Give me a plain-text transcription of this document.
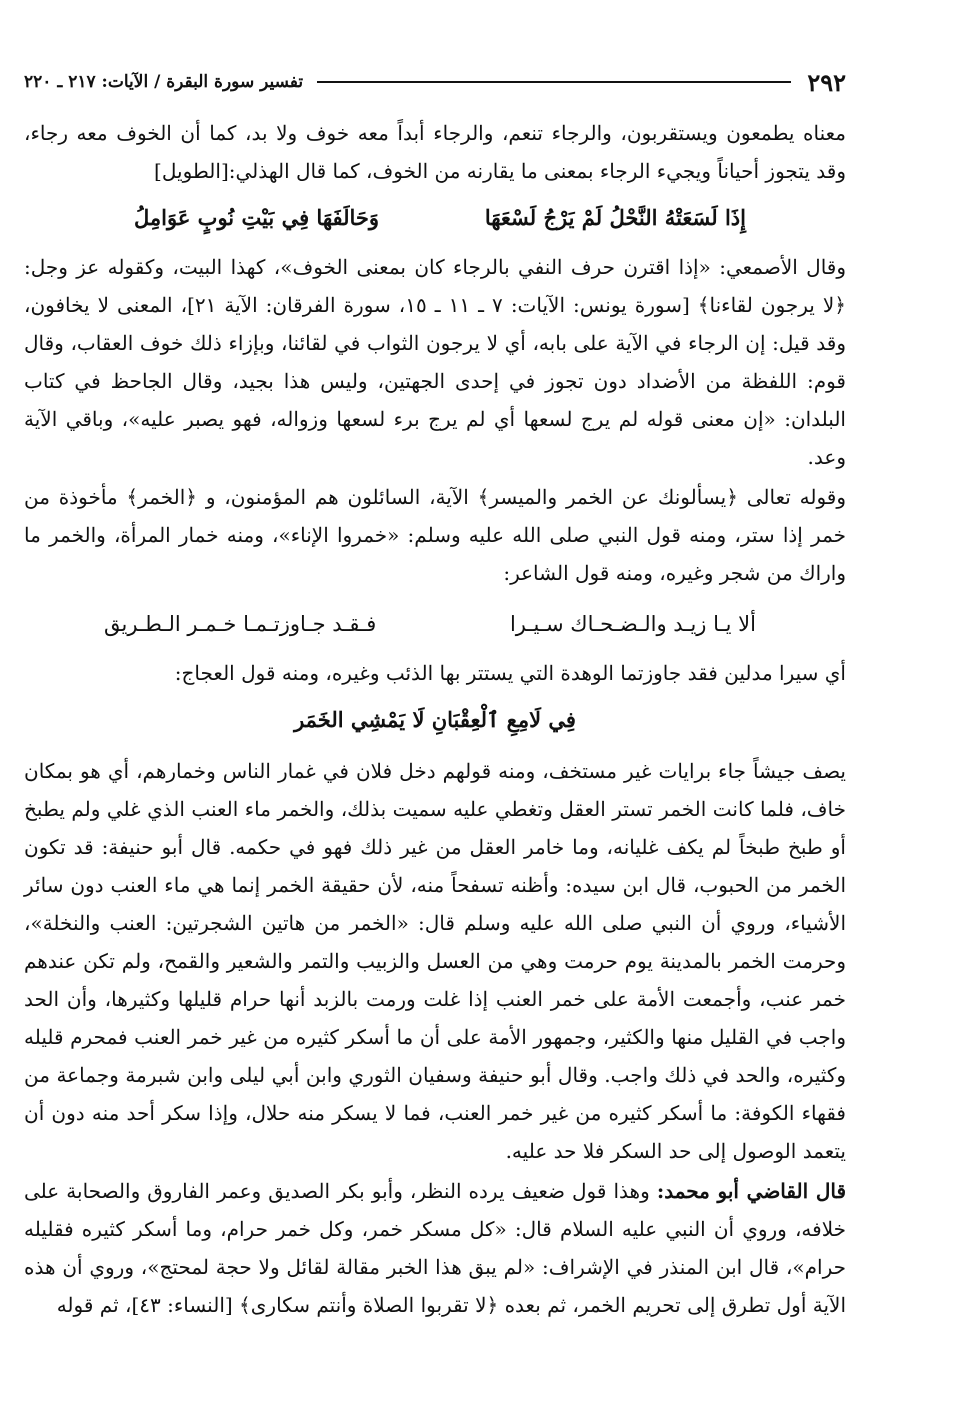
٢٩٢
تفسير سورة البقرة / الآيات: ٢١٧ ـ ٢٢٠

معناه يطمعون ويستقربون، والرجاء تنعم، والرجاء أبداً معه خوف ولا بد، كما أن الخوف معه رجاء، وقد يتجوز أحياناً ويجيء الرجاء بمعنى ما يقارنه من الخوف، كما قال الهذلي:[الطويل]

إِذَا لَسَعَتْهُ النَّحْلُ لَمْ يَرْجُ لَسْعَهَا
وَحَالَفَهَا فِي بَيْتِ نُوبٍ عَوَامِلُ

وقال الأصمعي: «إذا اقترن حرف النفي بالرجاء كان بمعنى الخوف»، كهذا البيت، وكقوله عز وجل: ﴿لا يرجون لقاءنا﴾ [سورة يونس: الآيات: ٧ ـ ١١ ـ ١٥، سورة الفرقان: الآية ٢١]، المعنى لا يخافون، وقد قيل: إن الرجاء في الآية على بابه، أي لا يرجون الثواب في لقائنا، وبإزاء ذلك خوف العقاب، وقال قوم: اللفظة من الأضداد دون تجوز في إحدى الجهتين، وليس هذا بجيد، وقال الجاحظ في كتاب البلدان: «إن معنى قوله لم يرج لسعها أي لم يرج برء لسعها وزواله، فهو يصبر عليه»، وباقي الآية وعد.

وقوله تعالى ﴿يسألونك عن الخمر والميسر﴾ الآية، السائلون هم المؤمنون، و ﴿الخمر﴾ مأخوذة من خمر إذا ستر، ومنه قول النبي صلى الله عليه وسلم: «خمروا الإناء»، ومنه خمار المرأة، والخمر ما واراك من شجر وغيره، ومنه قول الشاعر:

ألا يـا زيـد والـضـحـاك سـيـرا
فـقـد جـاوزتـمـا خـمـر الـطـريق

أي سيرا مدلين فقد جاوزتما الوهدة التي يستتر بها الذئب وغيره، ومنه قول العجاج:

فِي لَامِعِ ٱلْعِقْبَانِ لَا يَمْشِي الخَمَر

يصف جيشاً جاء برايات غير مستخف، ومنه قولهم دخل فلان في غمار الناس وخمارهم، أي هو بمكان خاف، فلما كانت الخمر تستر العقل وتغطي عليه سميت بذلك، والخمر ماء العنب الذي غلي ولم يطبخ أو طبخ طبخاً لم يكف غليانه، وما خامر العقل من غير ذلك فهو في حكمه. قال أبو حنيفة: قد تكون الخمر من الحبوب، قال ابن سيده: وأظنه تسفحاً منه، لأن حقيقة الخمر إنما هي ماء العنب دون سائر الأشياء، وروي أن النبي صلى الله عليه وسلم قال: «الخمر من هاتين الشجرتين: العنب والنخلة»، وحرمت الخمر بالمدينة يوم حرمت وهي من العسل والزبيب والتمر والشعير والقمح، ولم تكن عندهم خمر عنب، وأجمعت الأمة على خمر العنب إذا غلت ورمت بالزبد أنها حرام قليلها وكثيرها، وأن الحد واجب في القليل منها والكثير، وجمهور الأمة على أن ما أسكر كثيره من غير خمر العنب فمحرم قليله وكثيره، والحد في ذلك واجب. وقال أبو حنيفة وسفيان الثوري وابن أبي ليلى وابن شبرمة وجماعة من فقهاء الكوفة: ما أسكر كثيره من غير خمر العنب، فما لا يسكر منه حلال، وإذا سكر أحد منه دون أن يتعمد الوصول إلى حد السكر فلا حد عليه.

قال القاضي أبو محمد: وهذا قول ضعيف يرده النظر، وأبو بكر الصديق وعمر الفاروق والصحابة على خلافه، وروي أن النبي عليه السلام قال: «كل مسكر خمر، وكل خمر حرام، وما أسكر كثيره فقليله حرام»، قال ابن المنذر في الإشراف: «لم يبق هذا الخبر مقالة لقائل ولا حجة لمحتج»، وروي أن هذه الآية أول تطرق إلى تحريم الخمر، ثم بعده ﴿لا تقربوا الصلاة وأنتم سكارى﴾ [النساء: ٤٣]، ثم قوله
